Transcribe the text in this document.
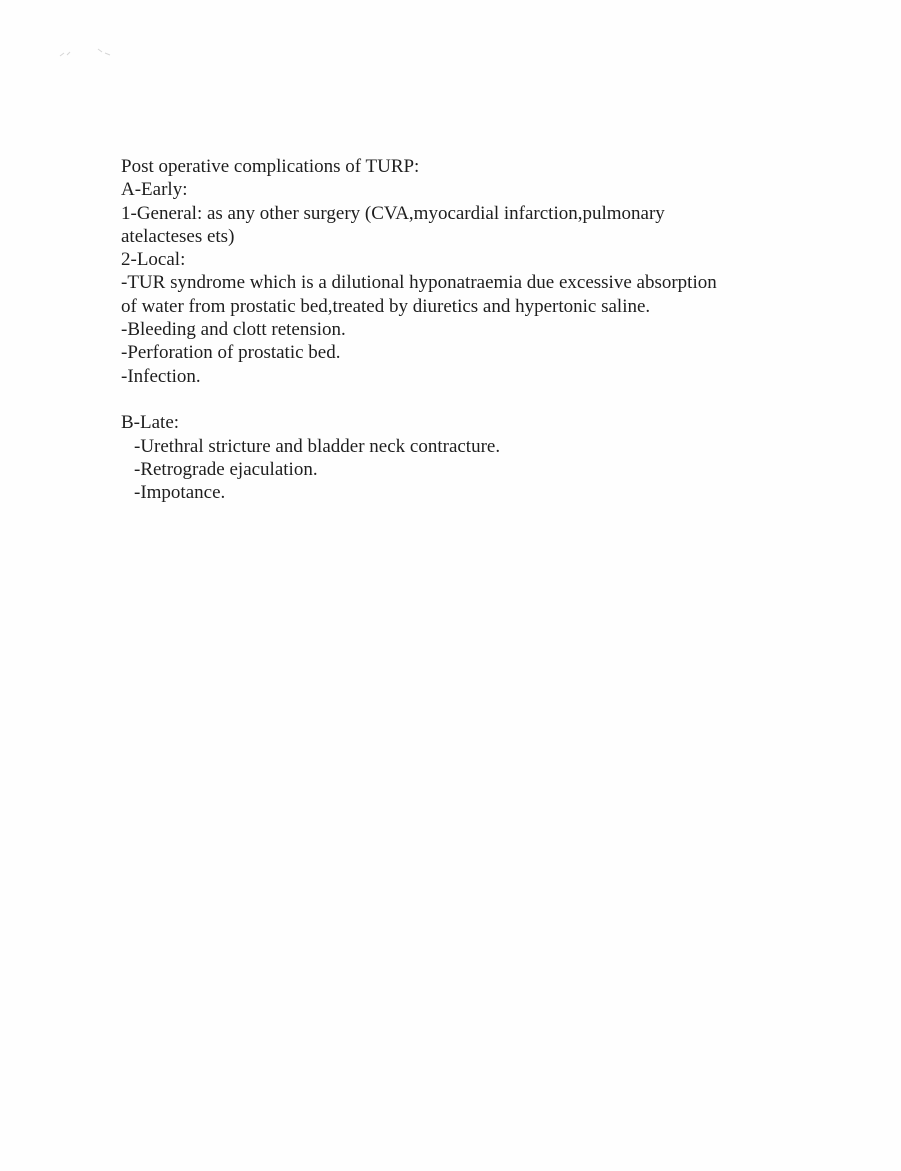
Post operative complications of TURP:
A-Early:
1-General: as any other surgery (CVA,myocardial infarction,pulmonary atelacteses ets)
2-Local:
-TUR syndrome which is a dilutional hyponatraemia due excessive absorption of water from prostatic bed,treated by diuretics and hypertonic saline.
-Bleeding and clott retension.
-Perforation of prostatic bed.
-Infection.
B-Late:
-Urethral stricture and bladder neck contracture.
-Retrograde ejaculation.
-Impotance.
